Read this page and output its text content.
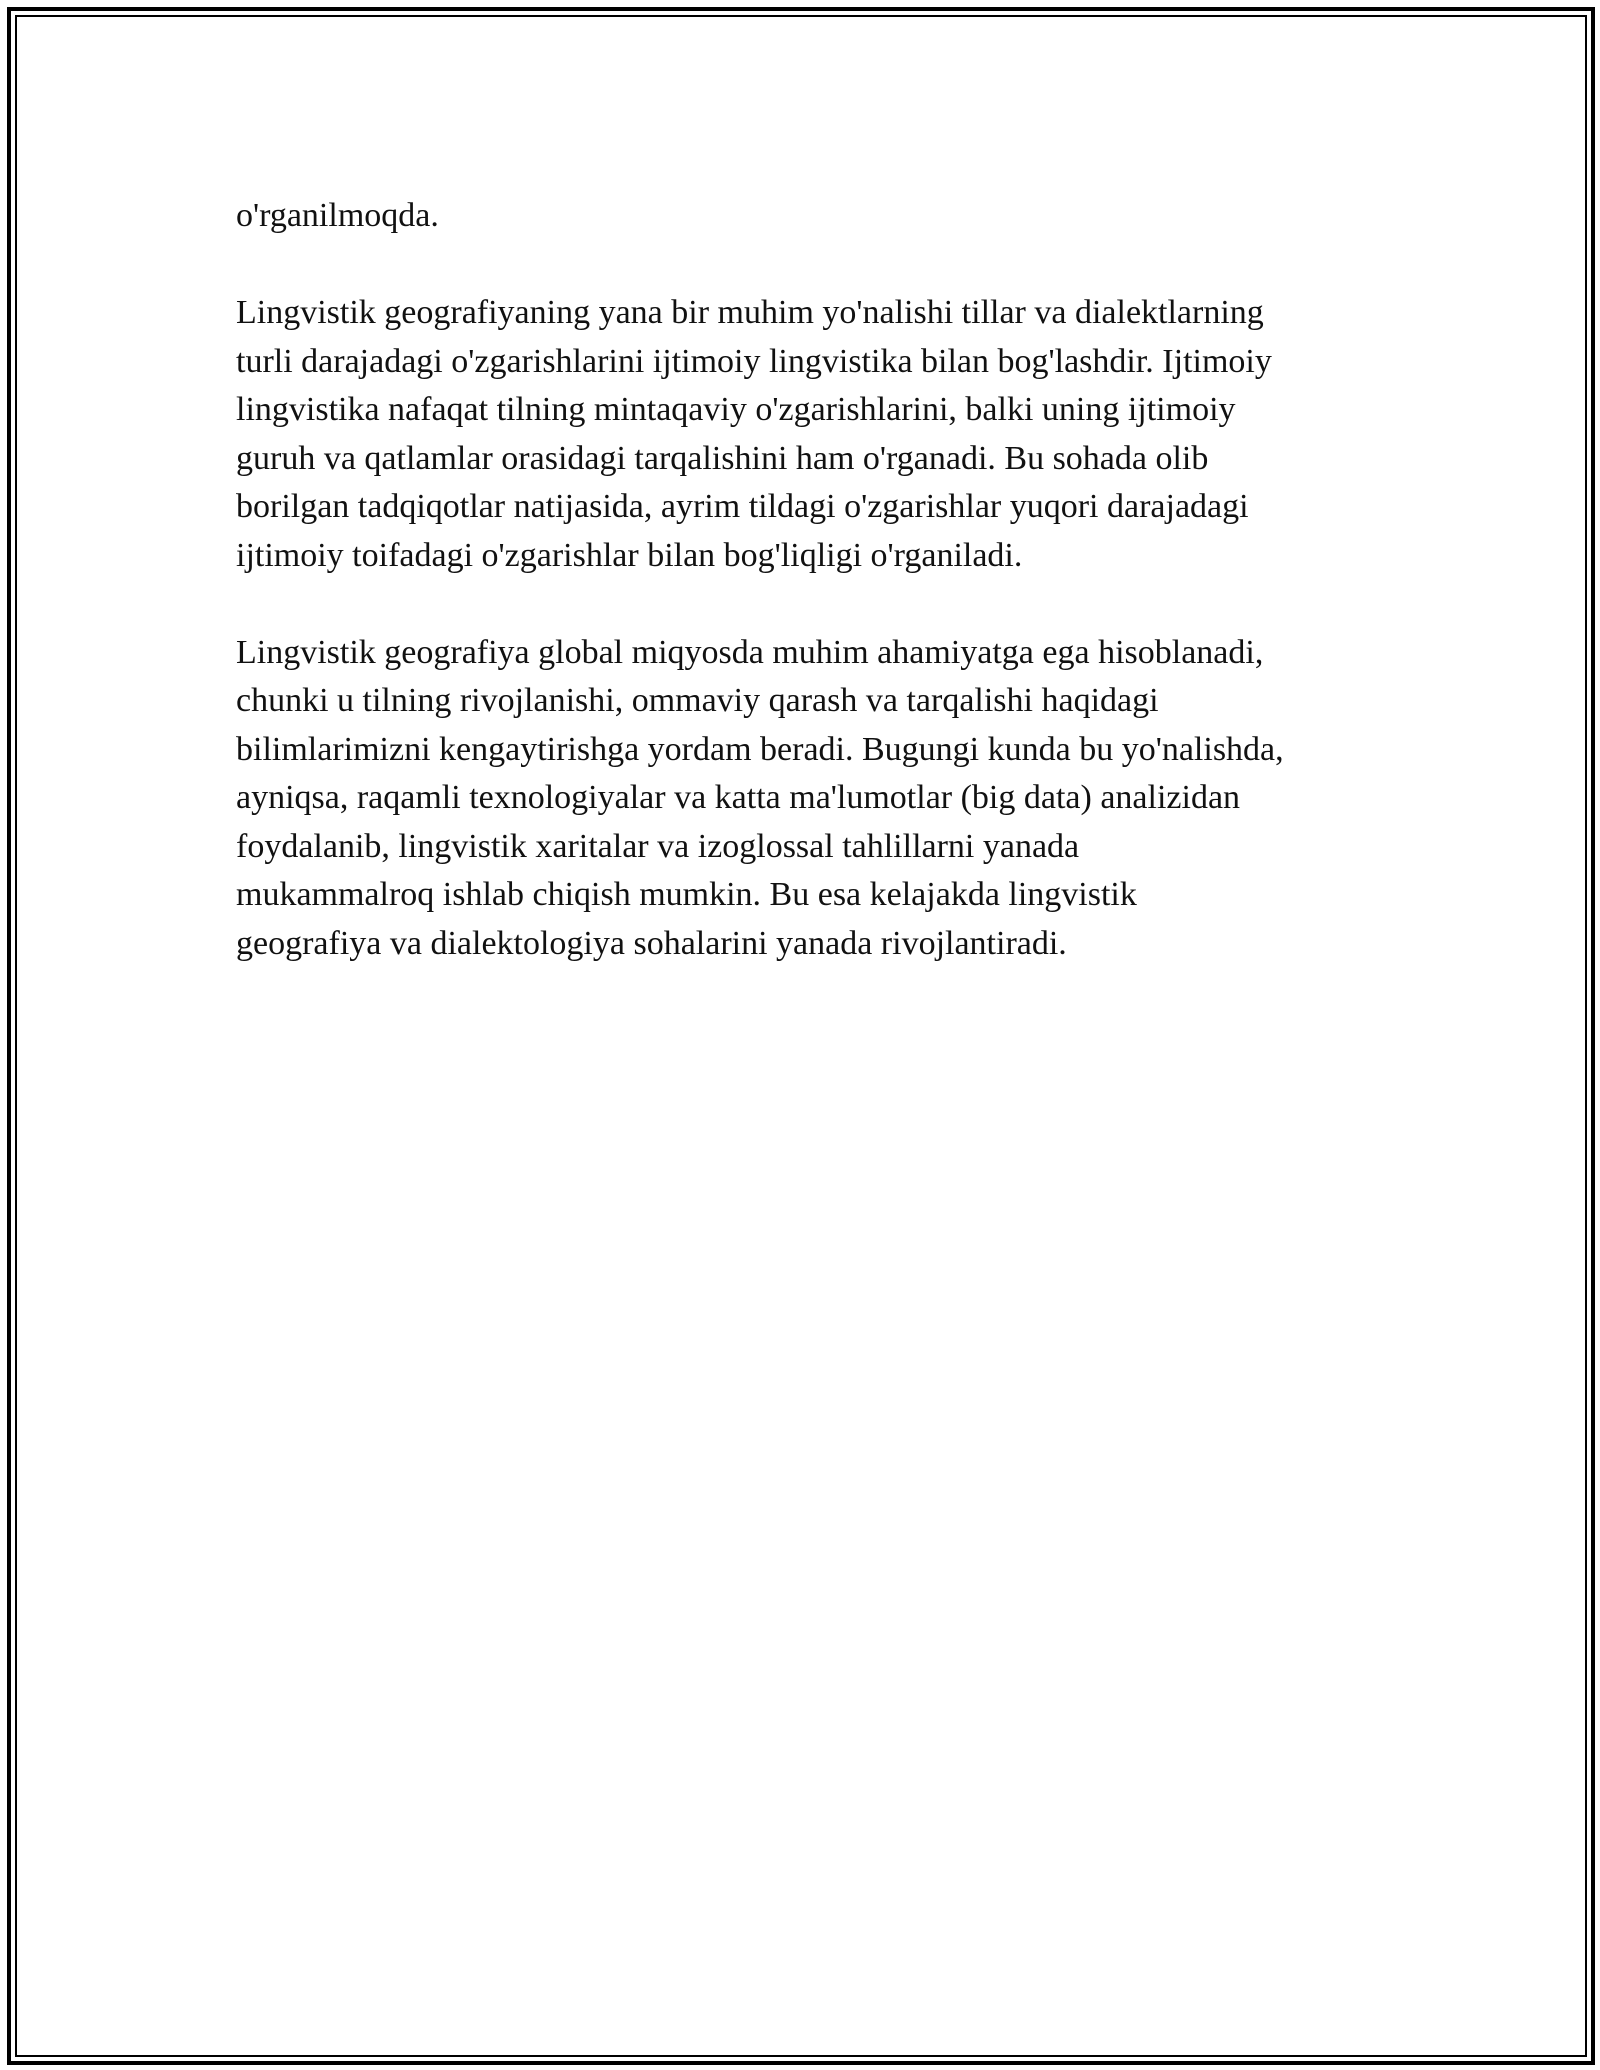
o'rganilmoqda.

Lingvistik geografiyaning yana bir muhim yo'nalishi tillar va dialektlarning
turli darajadagi o'zgarishlarini ijtimoiy lingvistika bilan bog'lashdir. Ijtimoiy
lingvistika nafaqat tilning mintaqaviy o'zgarishlarini, balki uning ijtimoiy
guruh va qatlamlar orasidagi tarqalishini ham o'rganadi. Bu sohada olib
borilgan tadqiqotlar natijasida, ayrim tildagi o'zgarishlar yuqori darajadagi
ijtimoiy toifadagi o'zgarishlar bilan bog'liqligi o'rganiladi.

Lingvistik geografiya global miqyosda muhim ahamiyatga ega hisoblanadi,
chunki u tilning rivojlanishi, ommaviy qarash va tarqalishi haqidagi
bilimlarimizni kengaytirishga yordam beradi. Bugungi kunda bu yo'nalishda,
ayniqsa, raqamli texnologiyalar va katta ma'lumotlar (big data) analizidan
foydalanib, lingvistik xaritalar va izoglossal tahlillarni yanada
mukammalroq ishlab chiqish mumkin. Bu esa kelajakda lingvistik
geografiya va dialektologiya sohalarini yanada rivojlantiradi.
